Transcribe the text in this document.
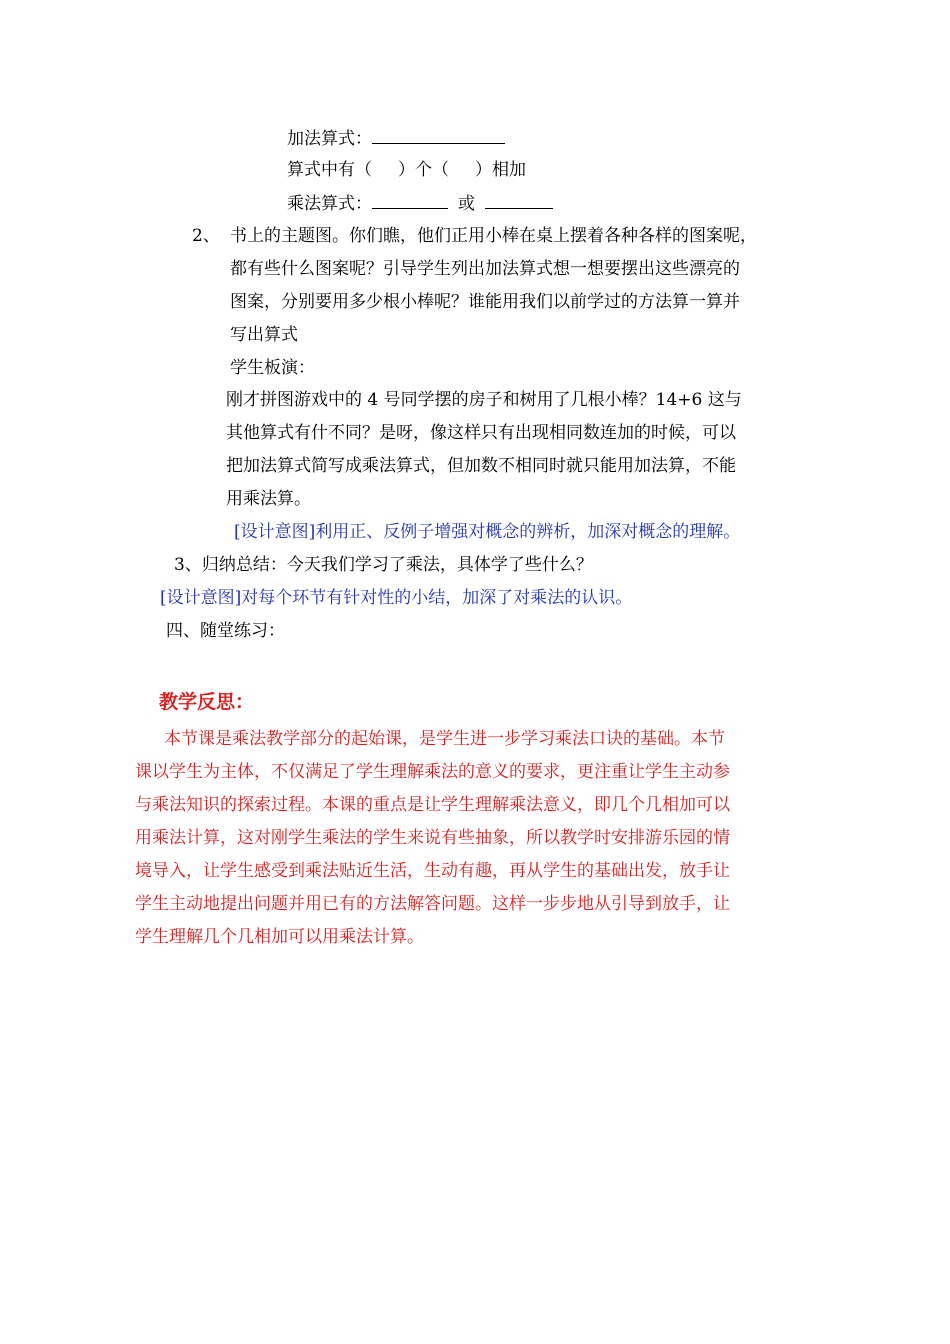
加法算式：
算式中有（ ）个（ ）相加
乘法算式：	或
2、 书上的主题图。你们瞧，他们正用小棒在桌上摆着各种各样的图案呢，
都有些什么图案呢？引导学生列出加法算式想一想要摆出这些漂亮的
图案，分别要用多少根小棒呢？谁能用我们以前学过的方法算一算并
写出算式
学生板演：
刚才拼图游戏中的 4 号同学摆的房子和树用了几根小棒？14+6 这与
其他算式有什不同？是呀，像这样只有出现相同数连加的时候，可以
把加法算式简写成乘法算式，但加数不相同时就只能用加法算，不能
用乘法算。
[设计意图]利用正、反例子增强对概念的辨析，加深对概念的理解。
3、归纳总结：今天我们学习了乘法，具体学了些什么？
[设计意图]对每个环节有针对性的小结，加深了对乘法的认识。
四、随堂练习：
教学反思：
本节课是乘法教学部分的起始课，是学生进一步学习乘法口诀的基础。本节
课以学生为主体，不仅满足了学生理解乘法的意义的要求，更注重让学生主动参
与乘法知识的探索过程。本课的重点是让学生理解乘法意义，即几个几相加可以
用乘法计算，这对刚学生乘法的学生来说有些抽象，所以教学时安排游乐园的情
境导入，让学生感受到乘法贴近生活，生动有趣，再从学生的基础出发，放手让
学生主动地提出问题并用已有的方法解答问题。这样一步步地从引导到放手，让
学生理解几个几相加可以用乘法计算。
